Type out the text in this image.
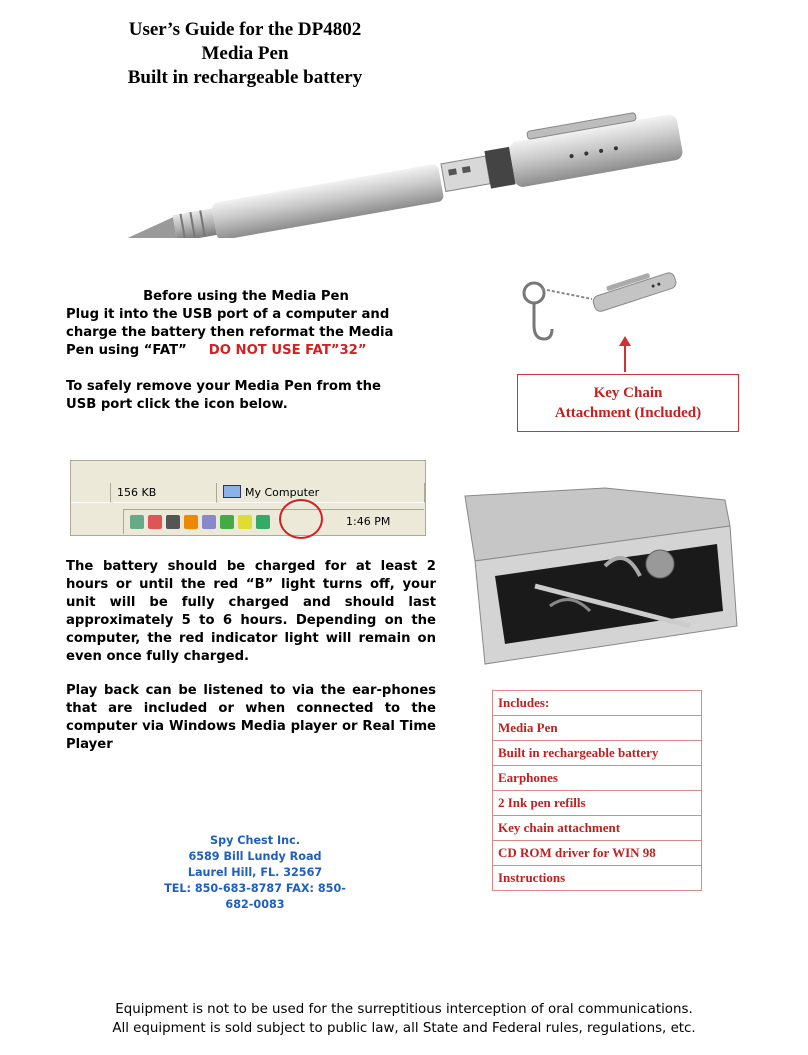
User’s Guide for the DP4802
Media Pen
Built in rechargeable battery
Before using the Media Pen
Plug it into the USB port of a computer and
charge the battery then reformat the Media
Pen using “FAT” DO NOT USE FAT”32”
To safely remove your Media Pen from the
USB port click the icon below.
Key Chain
Attachment (Included)
156 KB	My Computer
1:46 PM
The battery should be charged for at least 2 hours or until the red “B” light turns off, your unit will be fully charged and should last approximately 5 to 6 hours. Depending on the computer, the red indicator light will remain on even once fully charged.
Play back can be listened to via the ear-phones that are included or when connected to the computer via Windows Media player or Real Time Player
Includes:
Media Pen
Built in rechargeable battery
Earphones
2 Ink pen refills
Key chain attachment
CD ROM driver for WIN 98
Instructions
Spy Chest Inc.
6589 Bill Lundy Road
Laurel Hill, FL. 32567
TEL: 850-683-8787 FAX: 850-
682-0083
Equipment is not to be used for the surreptitious interception of oral communications.
All equipment is sold subject to public law, all State and Federal rules, regulations, etc.
